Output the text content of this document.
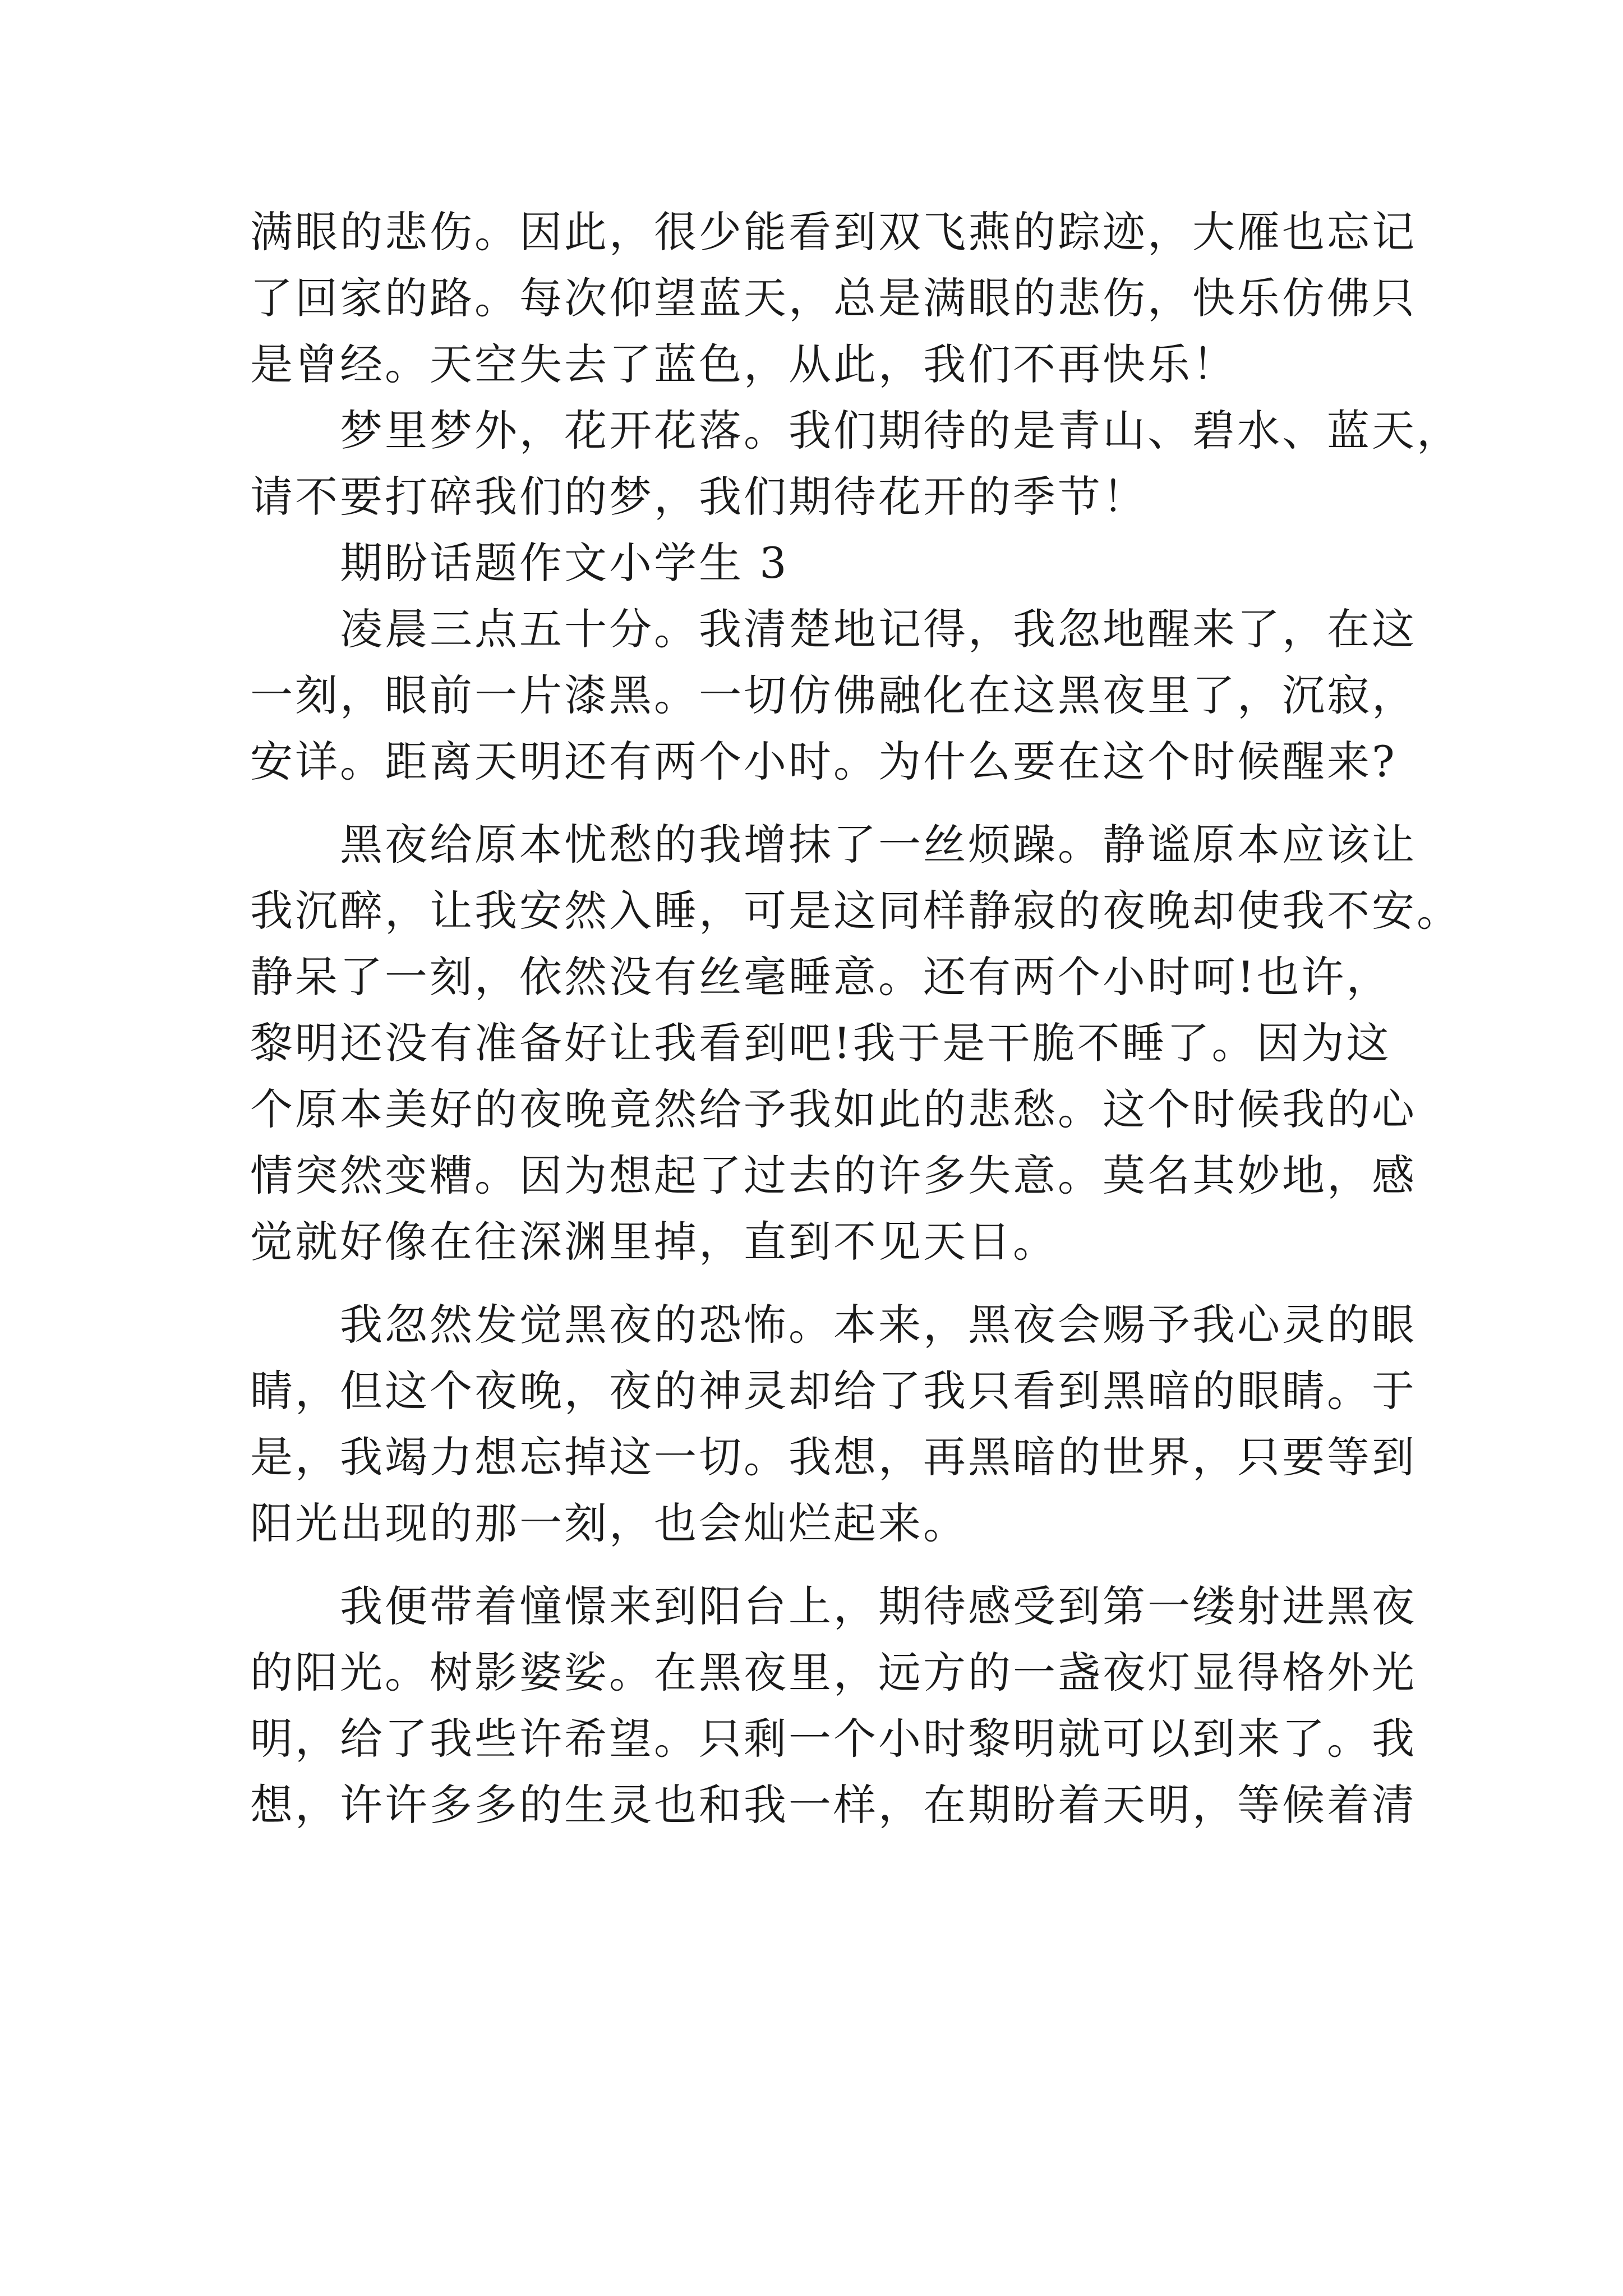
满眼的悲伤。因此，很少能看到双飞燕的踪迹，大雁也忘记
了回家的路。每次仰望蓝天，总是满眼的悲伤，快乐仿佛只
是曾经。天空失去了蓝色，从此，我们不再快乐！
梦里梦外，花开花落。我们期待的是青山、碧水、蓝天，
请不要打碎我们的梦，我们期待花开的季节！
期盼话题作文小学生 3
凌晨三点五十分。我清楚地记得，我忽地醒来了，在这
一刻，眼前一片漆黑。一切仿佛融化在这黑夜里了，沉寂，
安详。距离天明还有两个小时。为什么要在这个时候醒来?
黑夜给原本忧愁的我增抹了一丝烦躁。静谧原本应该让
我沉醉，让我安然入睡，可是这同样静寂的夜晚却使我不安。
静呆了一刻，依然没有丝毫睡意。还有两个小时呵!也许，
黎明还没有准备好让我看到吧!我于是干脆不睡了。因为这
个原本美好的夜晚竟然给予我如此的悲愁。这个时候我的心
情突然变糟。因为想起了过去的许多失意。莫名其妙地，感
觉就好像在往深渊里掉，直到不见天日。
我忽然发觉黑夜的恐怖。本来，黑夜会赐予我心灵的眼
睛，但这个夜晚，夜的神灵却给了我只看到黑暗的眼睛。于
是，我竭力想忘掉这一切。我想，再黑暗的世界，只要等到
阳光出现的那一刻，也会灿烂起来。
我便带着憧憬来到阳台上，期待感受到第一缕射进黑夜
的阳光。树影婆娑。在黑夜里，远方的一盏夜灯显得格外光
明，给了我些许希望。只剩一个小时黎明就可以到来了。我
想，许许多多的生灵也和我一样，在期盼着天明，等候着清
